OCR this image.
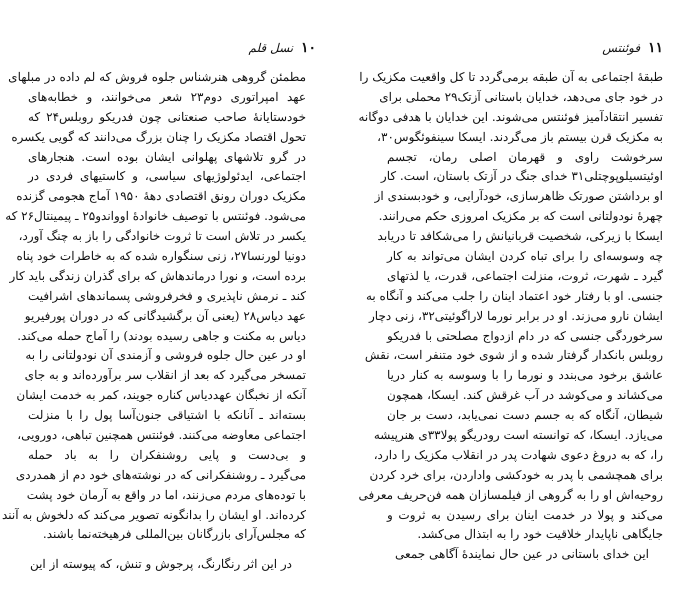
۱۰ نسل قلم
مطمئن گروهی هنرشناس جلوه فروش که لم داده در مبلهای
عهد امپراتوری دوم۲۳ شعر می‌خوانند، و خطابه‌های
خودستایانهٔ صاحب صنعتانی چون فدریکو روبلس۲۴ که
تحول اقتصاد مکزیک را چنان بزرگ می‌دانند که گویی یکسره
در گرو تلاشهای پهلوانی ایشان بوده است. هنجارهای
اجتماعی، ایدئولوژیهای سیاسی، و کاستیهای فردی در
مکزیک دوران رونق اقتصادی دههٔ ۱۹۵۰ آماج هجومی گزنده
می‌شود. فوئنتس با توصیف خانوادهٔ اوواندو۲۵ ـ پیمینتال۲۶ که
یکسر در تلاش است تا ثروت خانوادگی را باز به چنگ آورد،
دونیا لورنسا۲۷، زنی سنگواره شده که به خاطرات خود پناه
برده است، و نورا درماندهاش که برای گذران زندگی باید کار
کند ـ نرمش ناپذیری و فخرفروشی پسماندهای اشرافیت
عهد دیاس۲۸ (یعنی آن برگشیدگانی که در دوران پورفیریو
دیاس به مکنت و جاهی رسیده بودند) را آماج حمله می‌کند.
او در عین حال جلوه فروشی و آزمندی آن نودولتانی را به
تمسخر می‌گیرد که بعد از انقلاب سر برآورده‌اند و به جای
آنکه از نخبگان عهددیاس کناره جویند، کمر به خدمت ایشان
بسته‌اند ـ آنانکه با اشتیاقی جنون‌آسا پول را با منزلت
اجتماعی معاوضه می‌کنند. فوئنتس همچنین تباهی، دورویی،
و بی‌دست و پایی روشنفکران را به باد حمله
می‌گیرد ـ روشنفکرانی که در نوشته‌های خود دم از همدردی
با توده‌های مردم می‌زنند، اما در واقع به آرمان خود پشت
کرده‌اند. او ایشان را بدانگونه تصویر می‌کند که دلخوش به آنند
که مجلس‌آرای بازرگانان بین‌المللی فرهیخته‌نما باشند.
در این اثر رنگارنگ، پرجوش و تنش، که پیوسته از این
۱۱ فوئنتس
طبقهٔ اجتماعی به آن طبقه برمی‌گردد تا کل واقعیت مکزیک را
در خود جای می‌دهد، خدایان باستانی آزتک۲۹ محملی برای
تفسیر انتقادآمیز فوئنتس می‌شوند. این خدایان با هدفی دوگانه
به مکزیک قرن بیستم باز می‌گردند. ایسکا سینفوئگوس۳۰،
سرخوشت راوی و قهرمان اصلی رمان، تجسم
اوئیتسیلوپوچتلی۳۱ خدای جنگ در آزتک باستان، است. کار
او برداشتن صورتک ظاهرسازی، خودآرایی، و خودبسندی از
چهرهٔ نودولتانی است که بر مکزیک امروزی حکم می‌رانند.
ایسکا با زیرکی، شخصیت قربانیانش را می‌شکافد تا دریابد
چه وسوسه‌ای را برای تباه کردن ایشان می‌تواند به کار
گیرد ـ شهرت، ثروت، منزلت اجتماعی، قدرت، یا لذتهای
جنسی. او با رفتار خود اعتماد اینان را جلب می‌کند و آنگاه به
ایشان نارو می‌زند. او در برابر نورما لاراگوئیتی۳۲، زنی دچار
سرخوردگی جنسی که در دام ازدواج مصلحتی با فدریکو
روبلس بانکدار گرفتار شده و از شوی خود متنفر است، نقش
عاشق برخود می‌بندد و نورما را با وسوسه به کنار دریا
می‌کشاند و می‌کوشد در آب غرقش کند. ایسکا، همچون
شیطان، آنگاه که به جسم دست نمی‌یابد، دست بر جان
می‌یازد. ایسکا، که توانسته است رودریگو پولا۳۳ی هنرپیشه
را، که به دروغ دعوی شهادت پدر در انقلاب مکزیک را دارد،
برای همچشمی با پدر به خودکشی واداردن، برای خرد کردن
روحیه‌اش او را به گروهی از فیلمسازان همه فن‌حریف معرفی
می‌کند و پولا در خدمت اینان برای رسیدن به ثروت و
جایگاهی ناپایدار خلاقیت خود را به ابتذال می‌کشد.
این خدای باستانی در عین حال نمایندهٔ آگاهی جمعی
